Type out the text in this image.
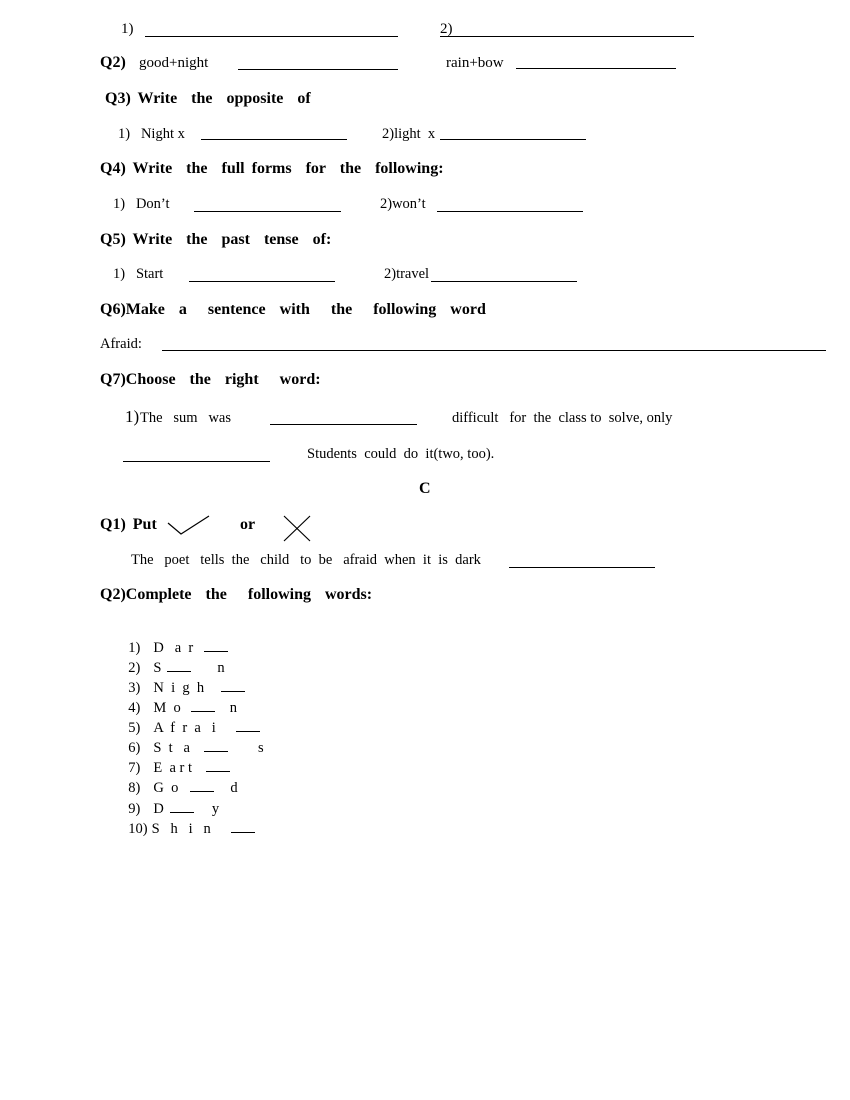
1)	2)
Q2) good+night	rain+bow
Q3) Write  the  opposite  of
1)   Night x	2)light  x
Q4) Write  the  full forms  for  the  following:
1)   Don’t	2)won’t
Q5) Write  the  past  tense  of:
1)   Start	2)travel
Q6)Make  a   sentence  with   the   following  word
Afraid:
Q7)Choose  the  right   word:
1) The   sum   was	difficult   for  the  class to  solve, only
Students  could  do  it(two, too).
C
Q1) Put	or
The   poet   tells  the   child   to  be   afraid  when  it  is  dark
Q2)Complete  the   following  words:

1) D   a  r

2) S	n

3) N  i  g  h

4) M  o	n

5) A  f  r  a   i

6) S  t   a	s

7) E  a r t

8) G  o	d

9) D	y

10) S   h   i   n
